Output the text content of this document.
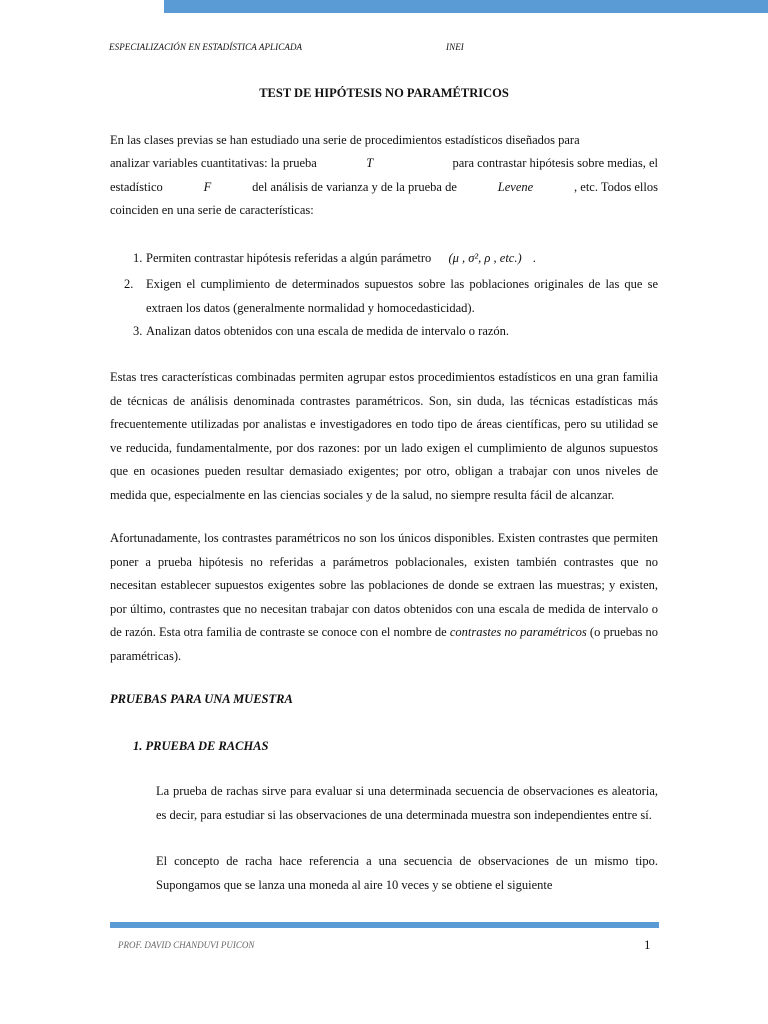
ESPECIALIZACIÓN EN ESTADÍSTICA APLICADA	INEI
TEST DE HIPÓTESIS NO PARAMÉTRICOS
En las clases previas se han estudiado una serie de procedimientos estadísticos diseñados para
analizar variables cuantitativas: la prueba	T	para contrastar hipótesis sobre medias, el
estadístico	F	del análisis de varianza y de la prueba de	Levene	, etc. Todos ellos
coinciden en una serie de características:
1. Permiten contrastar hipótesis referidas a algún parámetro (μ , σ², ρ , etc.) .
2. Exigen el cumplimiento de determinados supuestos sobre las poblaciones originales de las que se extraen los datos (generalmente normalidad y homocedasticidad).
3. Analizan datos obtenidos con una escala de medida de intervalo o razón.
Estas tres características combinadas permiten agrupar estos procedimientos estadísticos en una gran familia de técnicas de análisis denominada contrastes paramétricos. Son, sin duda, las técnicas estadísticas más frecuentemente utilizadas por analistas e investigadores en todo tipo de áreas científicas, pero su utilidad se ve reducida, fundamentalmente, por dos razones: por un lado exigen el cumplimiento de algunos supuestos que en ocasiones pueden resultar demasiado exigentes; por otro, obligan a trabajar con unos niveles de medida que, especialmente en las ciencias sociales y de la salud, no siempre resulta fácil de alcanzar.
Afortunadamente, los contrastes paramétricos no son los únicos disponibles. Existen contrastes que permiten poner a prueba hipótesis no referidas a parámetros poblacionales, existen también contrastes que no necesitan establecer supuestos exigentes sobre las poblaciones de donde se extraen las muestras; y existen, por último, contrastes que no necesitan trabajar con datos obtenidos con una escala de medida de intervalo o de razón. Esta otra familia de contraste se conoce con el nombre de contrastes no paramétricos (o pruebas no paramétricas).
PRUEBAS PARA UNA MUESTRA
1. PRUEBA DE RACHAS
La prueba de rachas sirve para evaluar si una determinada secuencia de observaciones es aleatoria, es decir, para estudiar si las observaciones de una determinada muestra son independientes entre sí.
El concepto de racha hace referencia a una secuencia de observaciones de un mismo tipo. Supongamos que se lanza una moneda al aire 10 veces y se obtiene el siguiente
PROF. DAVID CHANDUVI PUICON	1
